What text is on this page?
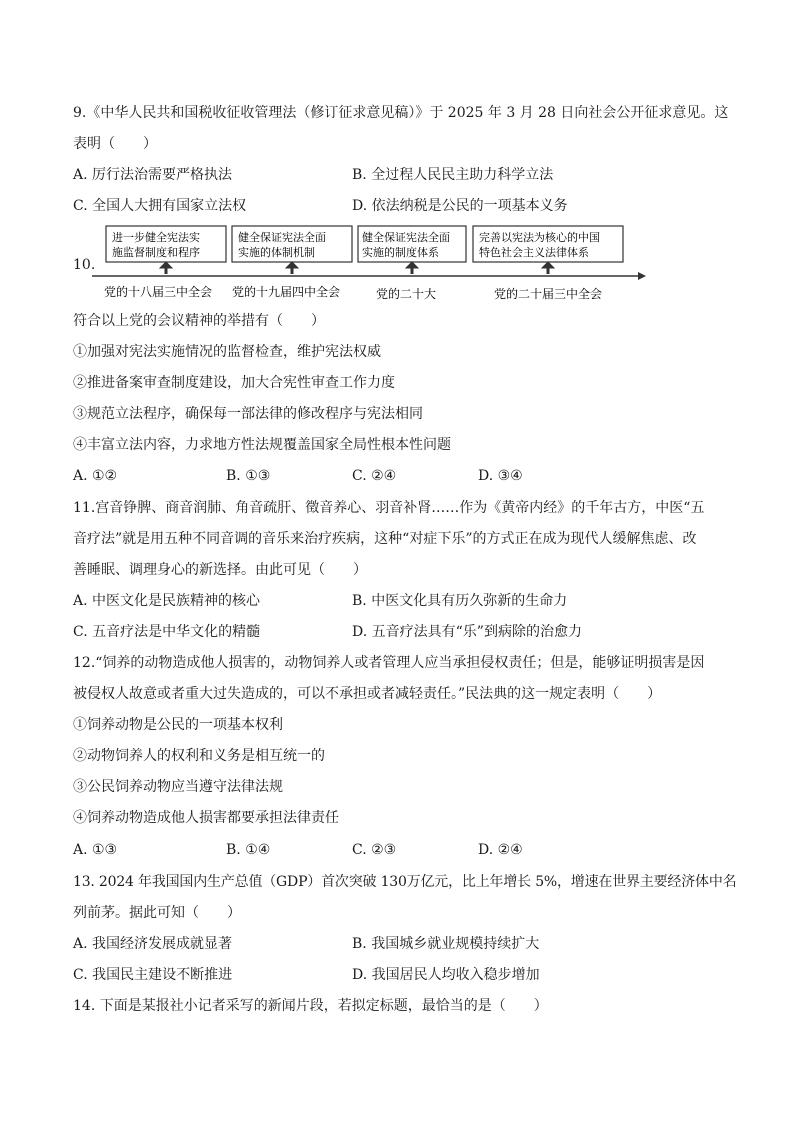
9.《中华人民共和国税收征收管理法（修订征求意见稿）》于 2025 年 3 月 28 日向社会公开征求意见。这
表明（　　）
A. 厉行法治需要严格执法	B. 全过程人民民主助力科学立法
C. 全国人大拥有国家立法权	D. 依法纳税是公民的一项基本义务
10.
进一步健全宪法实
施监督制度和程序
健全保证宪法全面
实施的体制机制
健全保证宪法全面
实施的制度体系
完善以宪法为核心的中国
特色社会主义法律体系
党的十八届三中全会 党的十九届四中全会	党的二十大	党的二十届三中全会
符合以上党的会议精神的举措有（　　）
①加强对宪法实施情况的监督检查，维护宪法权威
②推进备案审查制度建设，加大合宪性审查工作力度
③规范立法程序，确保每一部法律的修改程序与宪法相同
④丰富立法内容，力求地方性法规覆盖国家全局性根本性问题
A. ①②	B. ①③	C. ②④	D. ③④
11.宫音铮脾、商音润肺、角音疏肝、徵音养心、羽音补肾……作为《黄帝内经》的千年古方，中医“五
音疗法”就是用五种不同音调的音乐来治疗疾病，这种“对症下乐”的方式正在成为现代人缓解焦虑、改
善睡眠、调理身心的新选择。由此可见（　　）
A. 中医文化是民族精神的核心	B. 中医文化具有历久弥新的生命力
C. 五音疗法是中华文化的精髓	D. 五音疗法具有“乐”到病除的治愈力
12.“饲养的动物造成他人损害的，动物饲养人或者管理人应当承担侵权责任；但是，能够证明损害是因
被侵权人故意或者重大过失造成的，可以不承担或者减轻责任。”民法典的这一规定表明（　　）
①饲养动物是公民的一项基本权利
②动物饲养人的权利和义务是相互统一的
③公民饲养动物应当遵守法律法规
④饲养动物造成他人损害都要承担法律责任
A. ①③	B. ①④	C. ②③	D. ②④
13. 2024 年我国国内生产总值（GDP）首次突破 130万亿元，比上年增长 5%，增速在世界主要经济体中名
列前茅。据此可知（　　）
A. 我国经济发展成就显著	B. 我国城乡就业规模持续扩大
C. 我国民主建设不断推进	D. 我国居民人均收入稳步增加
14. 下面是某报社小记者采写的新闻片段，若拟定标题，最恰当的是（　　）
